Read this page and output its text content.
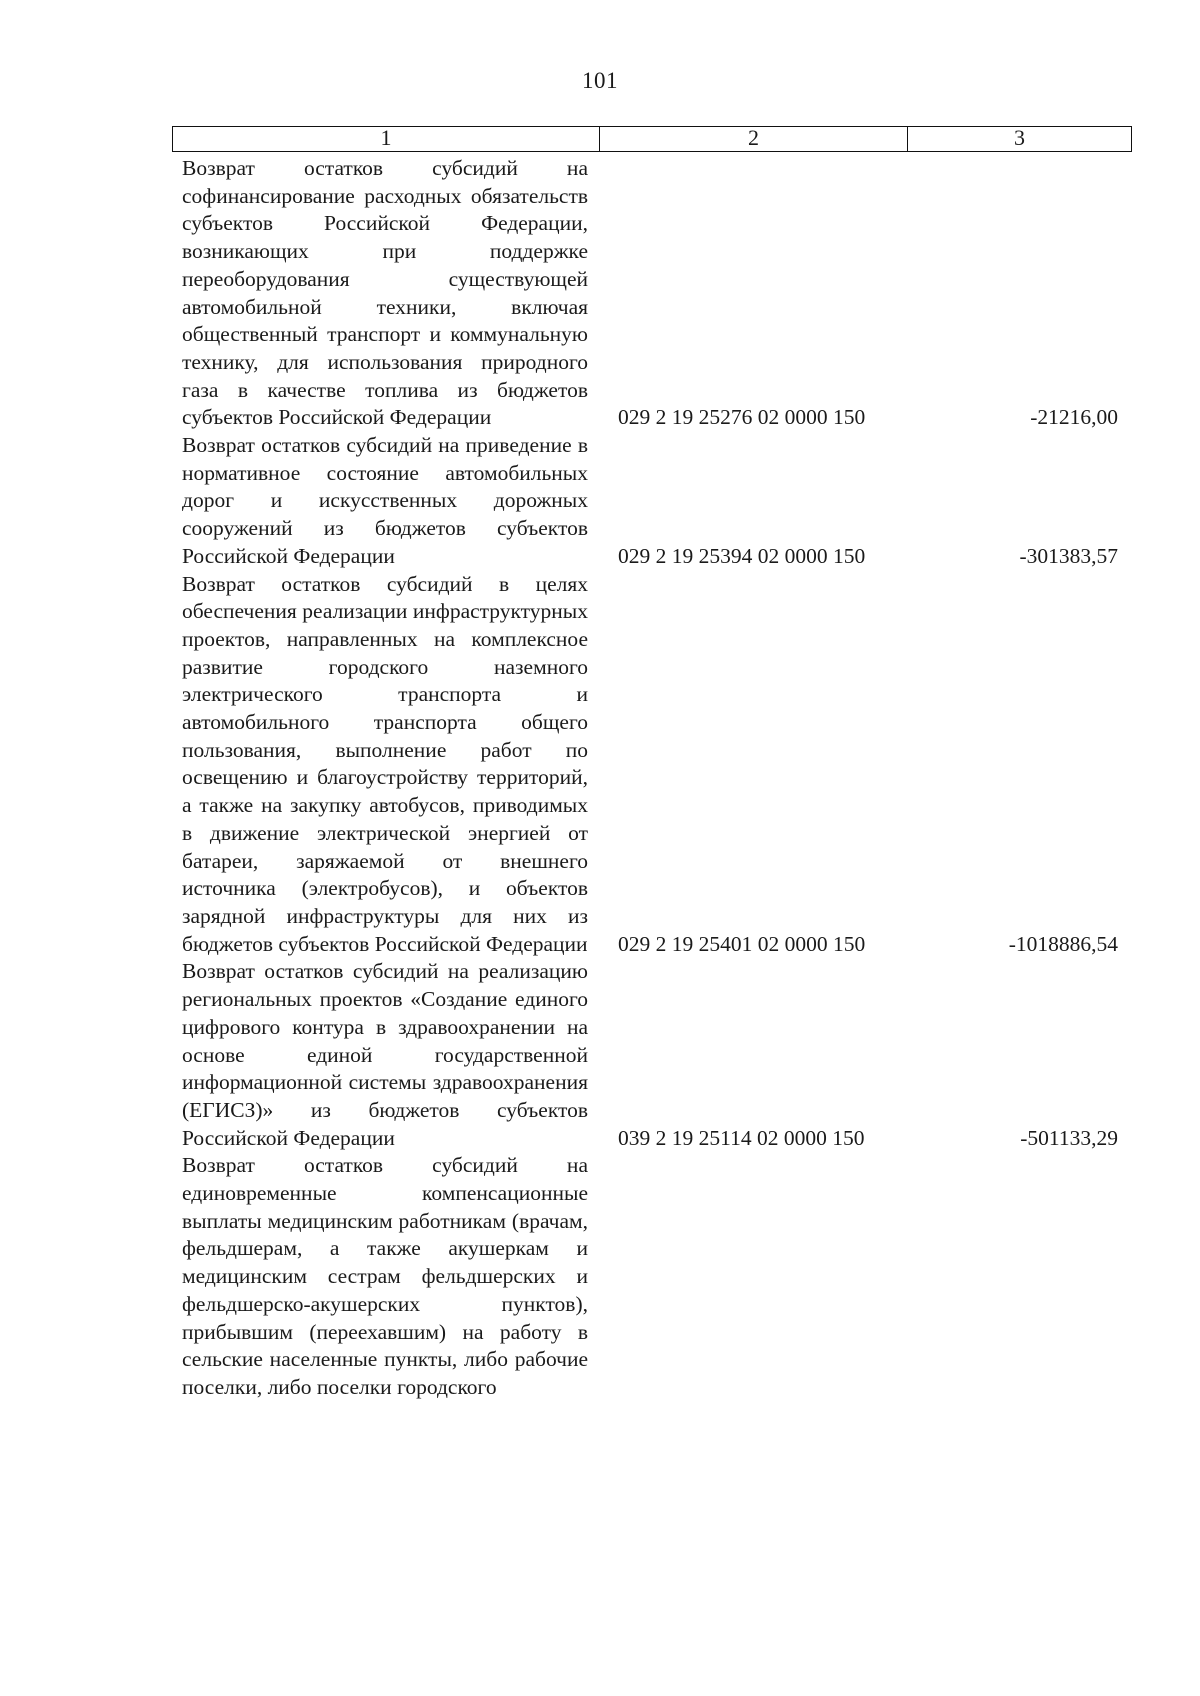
101
1	2	3
Возврат остатков субсидий на софинансирование расходных обязательств субъектов Российской Федерации, возникающих при поддержке переоборудования существующей автомобильной техники, включая общественный транспорт и коммунальную технику, для использования природного газа в качестве топлива из бюджетов субъектов Российской Федерации	029 2 19 25276 02 0000 150	-21216,00
Возврат остатков субсидий на приведение в нормативное состояние автомобильных дорог и искусственных дорожных сооружений из бюджетов субъектов Российской Федерации	029 2 19 25394 02 0000 150	-301383,57
Возврат остатков субсидий в целях обеспечения реализации инфраструктурных проектов, направленных на комплексное развитие городского наземного электрического транспорта и автомобильного транспорта общего пользования, выполнение работ по освещению и благоустройству территорий, а также на закупку автобусов, приводимых в движение электрической энергией от батареи, заряжаемой от внешнего источника (электробусов), и объектов зарядной инфраструктуры для них из бюджетов субъектов Российской Федерации 029 2 19 25401 02 0000 150	-1018886,54
Возврат остатков субсидий на реализацию региональных проектов «Создание единого цифрового контура в здравоохранении на основе единой государственной информационной системы здравоохранения (ЕГИСЗ)» из бюджетов субъектов Российской Федерации	039 2 19 25114 02 0000 150	-501133,29
Возврат остатков субсидий на единовременные компенсационные выплаты медицинским работникам (врачам, фельдшерам, а также акушеркам и медицинским сестрам фельдшерских и фельдшерско-акушерских пунктов), прибывшим (переехавшим) на работу в сельские населенные пункты, либо рабочие поселки, либо поселки городского
